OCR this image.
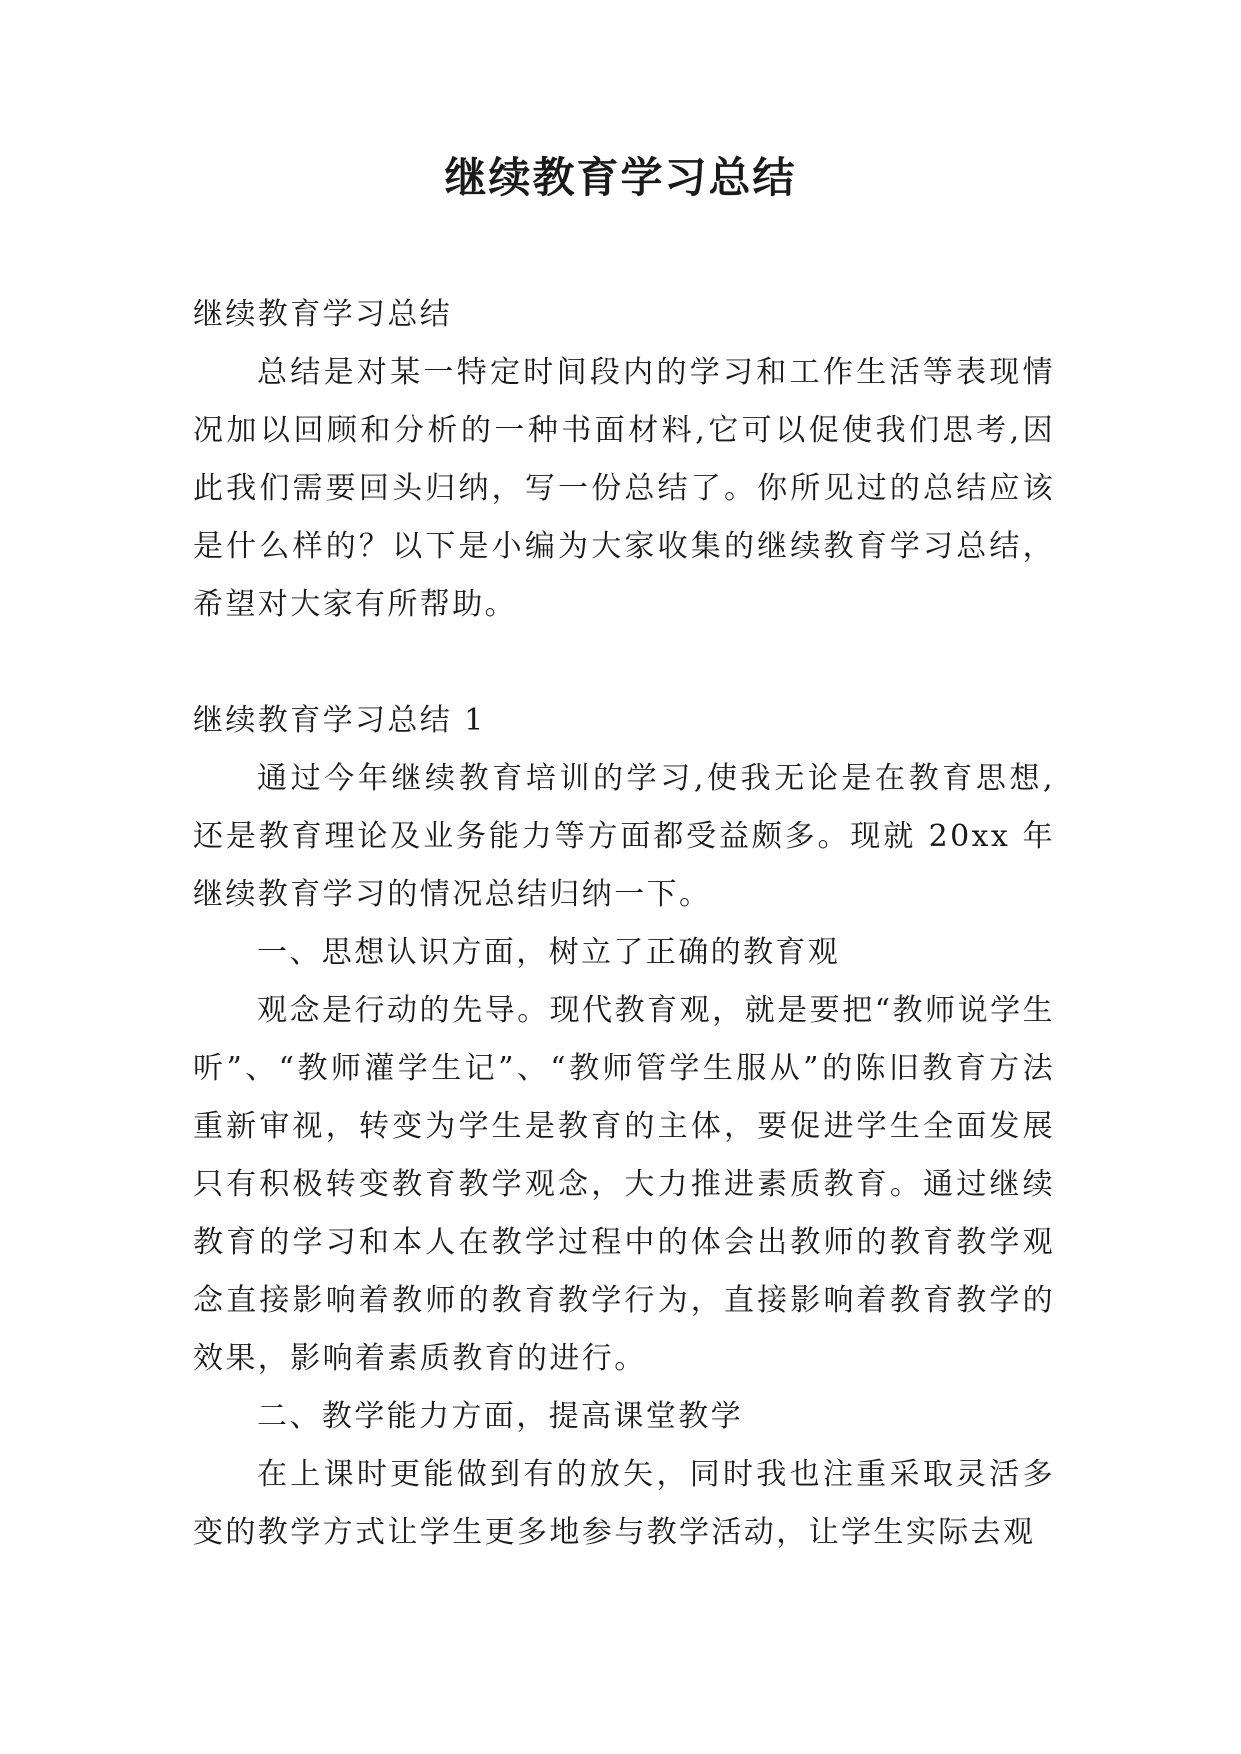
继续教育学习总结

继续教育学习总结

总结是对某一特定时间段内的学习和工作生活等表现情况加以回顾和分析的一种书面材料,它可以促使我们思考,因此我们需要回头归纳，写一份总结了。你所见过的总结应该是什么样的？以下是小编为大家收集的继续教育学习总结，希望对大家有所帮助。

继续教育学习总结 1

通过今年继续教育培训的学习,使我无论是在教育思想,还是教育理论及业务能力等方面都受益颇多。现就 20xx 年继续教育学习的情况总结归纳一下。

一、思想认识方面，树立了正确的教育观

观念是行动的先导。现代教育观，就是要把“教师说学生听”、“教师灌学生记”、“教师管学生服从”的陈旧教育方法重新审视，转变为学生是教育的主体，要促进学生全面发展只有积极转变教育教学观念，大力推进素质教育。通过继续教育的学习和本人在教学过程中的体会出教师的教育教学观念直接影响着教师的教育教学行为，直接影响着教育教学的效果，影响着素质教育的进行。

二、教学能力方面，提高课堂教学

在上课时更能做到有的放矢，同时我也注重采取灵活多变的教学方式让学生更多地参与教学活动，让学生实际去观
